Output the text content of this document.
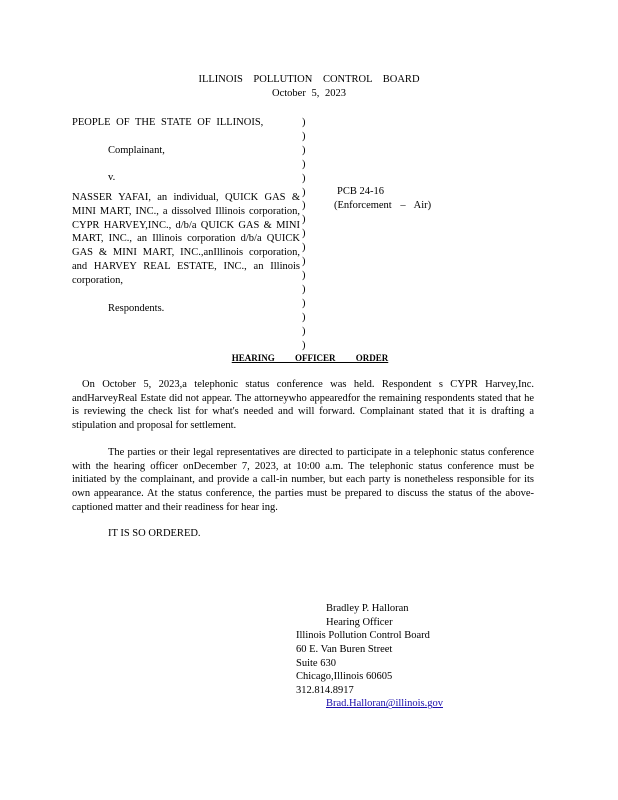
ILLINOIS POLLUTION CONTROL BOARD
October 5, 2023
PEOPLE OF THE STATE OF ILLINOIS,
Complainant,
v.
NASSER YAFAI, an individual, QUICK GAS & MINI MART, INC., a dissolved Illinois corporation, CYPR HARVEY,INC., d/b/a QUICK GAS & MINI MART, INC., an Illinois corporation d/b/a QUICK GAS & MINI MART, INC.,anIllinois corporation, and HARVEY REAL ESTATE, INC., an Illinois corporation,
Respondents.
)
)
)
)
)
)
)
)
)
)
)
)
)
)
)
)
)
PCB 24-16
(Enforcement – Air)
HEARING OFFICER ORDER
On October 5, 2023,a telephonic status conference was held. Respondent s CYPR Harvey,Inc. andHarveyReal Estate did not appear. The attorneywho appearedfor the remaining respondents stated that he is reviewing the check list for what's needed and will forward. Complainant stated that it is drafting a stipulation and proposal for settlement.
The parties or their legal representatives are directed to participate in a telephonic status conference with the hearing officer onDecember 7, 2023, at 10:00 a.m. The telephonic status conference must be initiated by the complainant, and provide a call-in number, but each party is nonetheless responsible for its own appearance. At the status conference, the parties must be prepared to discuss the status of the above- captioned matter and their readiness for hear ing.
IT IS SO ORDERED.
Bradley P. Halloran
Hearing Officer
Illinois Pollution Control Board
60 E. Van Buren Street
Suite 630
Chicago,Illinois 60605
312.814.8917
Brad.Halloran@illinois.gov
